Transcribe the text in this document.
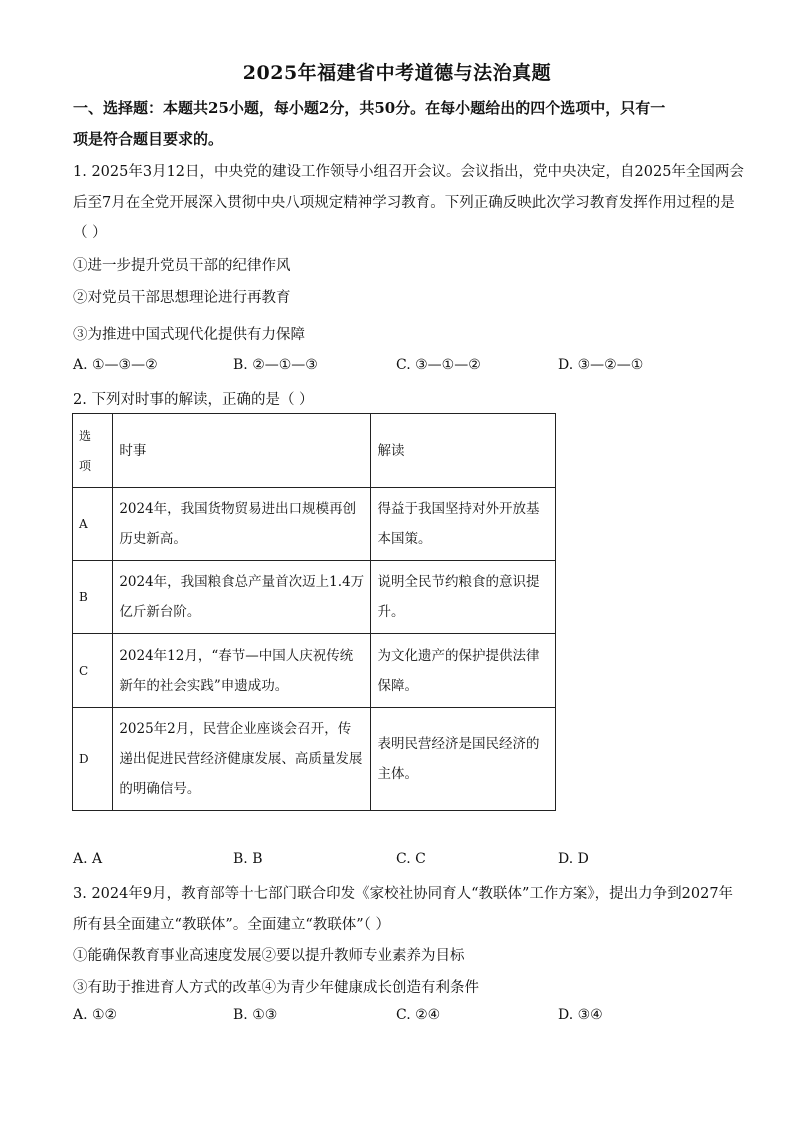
2025年福建省中考道德与法治真题
一、选择题：本题共25小题，每小题2分，共50分。在每小题给出的四个选项中，只有一
项是符合题目要求的。
1. 2025年3月12日，中央党的建设工作领导小组召开会议。会议指出，党中央决定，自2025年全国两会
后至7月在全党开展深入贯彻中央八项规定精神学习教育。下列正确反映此次学习教育发挥作用过程的是
（ ）
①进一步提升党员干部的纪律作风
②对党员干部思想理论进行再教育
③为推进中国式现代化提供有力保障
A. ①—③—②	B. ②—①—③	C. ③—①—②	D. ③—②—①
2. 下列对时事的解读，正确的是（ ）
选项	时事	解读
A	2024年，我国货物贸易进出口规模再创历史新高。	得益于我国坚持对外开放基本国策。
B	2024年，我国粮食总产量首次迈上1.4万亿斤新台阶。	说明全民节约粮食的意识提升。
C	2024年12月，“春节—中国人庆祝传统新年的社会实践”申遗成功。	为文化遗产的保护提供法律保障。
D	2025年2月，民营企业座谈会召开，传递出促进民营经济健康发展、高质量发展的明确信号。	表明民营经济是国民经济的主体。
A. A	B. B	C. C	D. D
3. 2024年9月，教育部等十七部门联合印发《家校社协同育人“教联体”工作方案》，提出力争到2027年
所有县全面建立“教联体”。全面建立“教联体”（ ）
①能确保教育事业高速度发展②要以提升教师专业素养为目标
③有助于推进育人方式的改革④为青少年健康成长创造有利条件
A. ①②	B. ①③	C. ②④	D. ③④
